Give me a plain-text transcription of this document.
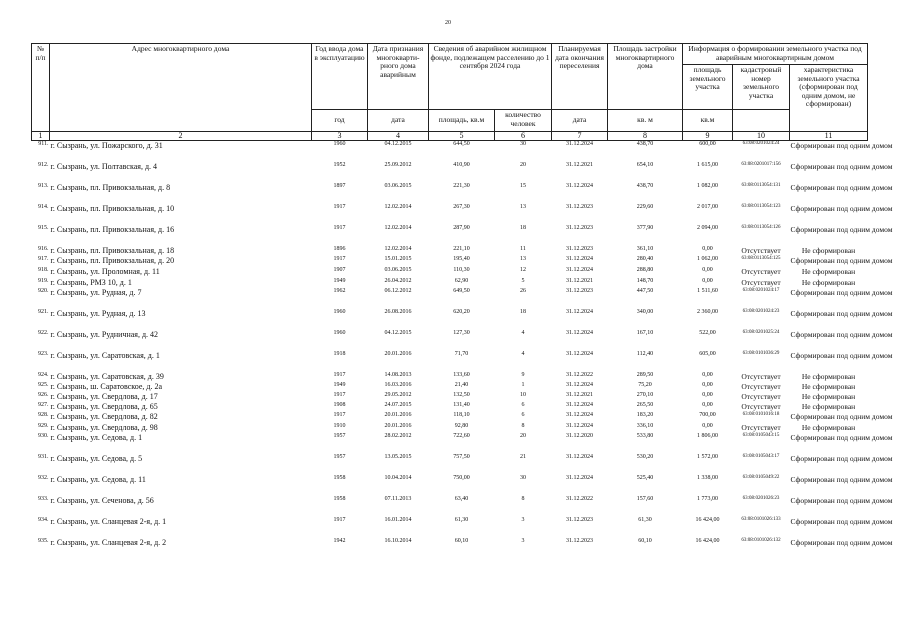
20
№ п/п	Адрес многоквартирного дома	Год ввода дома в эксплуатацию	Дата признания многокварти-рного дома аварийным	Сведения об аварийном жилищном фонде, подлежащем расселению до 1 сентября 2024 года		Планируемая дата окончания переселения	Площадь застройки многоквартирного дома	Информация о формировании земельного участка под аварийным многоквартирным домом		
								площадь земельного участка	кадастровый номер земельного участка	характеристика земельного участка (сформирован под одним домом, не сформирован)
		год	дата	площадь, кв.м	количество человек	дата	кв. м	кв.м		
1	2	3	4	5	6	7	8	9	10	11
911.	г. Сызрань, ул. Пожарского, д. 31	1960	04.12.2015	644,50	30	31.12.2024	438,70	600,00	63:08:0201024:24	Сформирован под одним домом
912.	г. Сызрань, ул. Полтавская, д. 4	1952	25.09.2012	410,90	20	31.12.2021	654,10	1 615,00	63:08:0201017:156	Сформирован под одним домом
913.	г. Сызрань, пл. Привокзальная, д. 8	1897	03.06.2015	221,30	15	31.12.2024	438,70	1 082,00	63:08:0113054:131	Сформирован под одним домом
914.	г. Сызрань, пл. Привокзальная, д. 10	1917	12.02.2014	267,30	13	31.12.2023	229,60	2 017,00	63:08:0113054:123	Сформирован под одним домом
915.	г. Сызрань, пл. Привокзальная, д. 16	1917	12.02.2014	287,90	18	31.12.2023	377,90	2 094,00	63:08:0113054:126	Сформирован под одним домом
916.	г. Сызрань, пл. Привокзальная, д. 18	1896	12.02.2014	221,10	11	31.12.2023	361,10	0,00	Отсутствует	Не сформирован
917.	г. Сызрань, пл. Привокзальная, д. 20	1917	15.01.2015	195,40	13	31.12.2024	280,40	1 062,00	63:08:0113054:125	Сформирован под одним домом
918.	г. Сызрань, ул. Проломная, д. 11	1907	03.06.2015	110,30	12	31.12.2024	288,80	0,00	Отсутствует	Не сформирован
919.	г. Сызрань, РМЗ 10, д. 1	1949	26.04.2012	62,90	5	31.12.2021	148,70	0,00	Отсутствует	Не сформирован
920.	г. Сызрань, ул. Рудная, д. 7	1962	06.12.2012	649,50	26	31.12.2023	447,50	1 511,60	63:08:0201024:17	Сформирован под одним домом
921.	г. Сызрань, ул. Рудная, д. 13	1960	26.08.2016	620,20	18	31.12.2024	340,00	2 360,00	63:08:0201024:23	Сформирован под одним домом
922.	г. Сызрань, ул. Рудничная, д. 42	1960	04.12.2015	127,30	4	31.12.2024	167,10	522,00	63:08:0201025:24	Сформирован под одним домом
923.	г. Сызрань, ул. Саратовская, д. 1	1918	20.01.2016	71,70	4	31.12.2024	112,40	605,00	63:08:0101036:29	Сформирован под одним домом
924.	г. Сызрань, ул. Саратовская, д. 39	1917	14.08.2013	133,60	9	31.12.2022	289,50	0,00	Отсутствует	Не сформирован
925.	г. Сызрань, ш. Саратовское, д. 2а	1949	16.03.2016	21,40	1	31.12.2024	75,20	0,00	Отсутствует	Не сформирован
926.	г. Сызрань, ул. Свердлова, д. 17	1917	29.05.2012	132,50	10	31.12.2021	270,10	0,00	Отсутствует	Не сформирован
927.	г. Сызрань, ул. Свердлова, д. 65	1908	24.07.2015	131,40	6	31.12.2024	265,50	0,00	Отсутствует	Не сформирован
928.	г. Сызрань, ул. Свердлова, д. 82	1917	20.01.2016	118,10	6	31.12.2024	183,20	700,00	63:08:0101016:18	Сформирован под одним домом
929.	г. Сызрань, ул. Свердлова, д. 98	1910	20.01.2016	92,80	8	31.12.2024	336,10	0,00	Отсутствует	Не сформирован
930.	г. Сызрань, ул. Седова, д. 1	1957	28.02.2012	722,60	20	31.12.2020	533,80	1 806,00	63:08:0105043:15	Сформирован под одним домом
931.	г. Сызрань, ул. Седова, д. 5	1957	13.05.2015	757,50	21	31.12.2024	530,20	1 572,00	63:08:0105043:17	Сформирован под одним домом
932.	г. Сызрань, ул. Седова, д. 11	1958	10.04.2014	750,00	30	31.12.2024	525,40	1 338,00	63:08:0105049:22	Сформирован под одним домом
933.	г. Сызрань, ул. Сеченова, д. 56	1958	07.11.2013	63,40	8	31.12.2022	157,60	1 773,00	63:08:0201026:23	Сформирован под одним домом
934.	г. Сызрань, ул. Сланцевая 2-я, д. 1	1917	16.01.2014	61,30	3	31.12.2023	61,30	16 424,00	63:08:0101026:133	Сформирован под одним домом
935.	г. Сызрань, ул. Сланцевая 2-я, д. 2	1942	16.10.2014	60,10	3	31.12.2023	60,10	16 424,00	63:08:0101026:132	Сформирован под одним домом
